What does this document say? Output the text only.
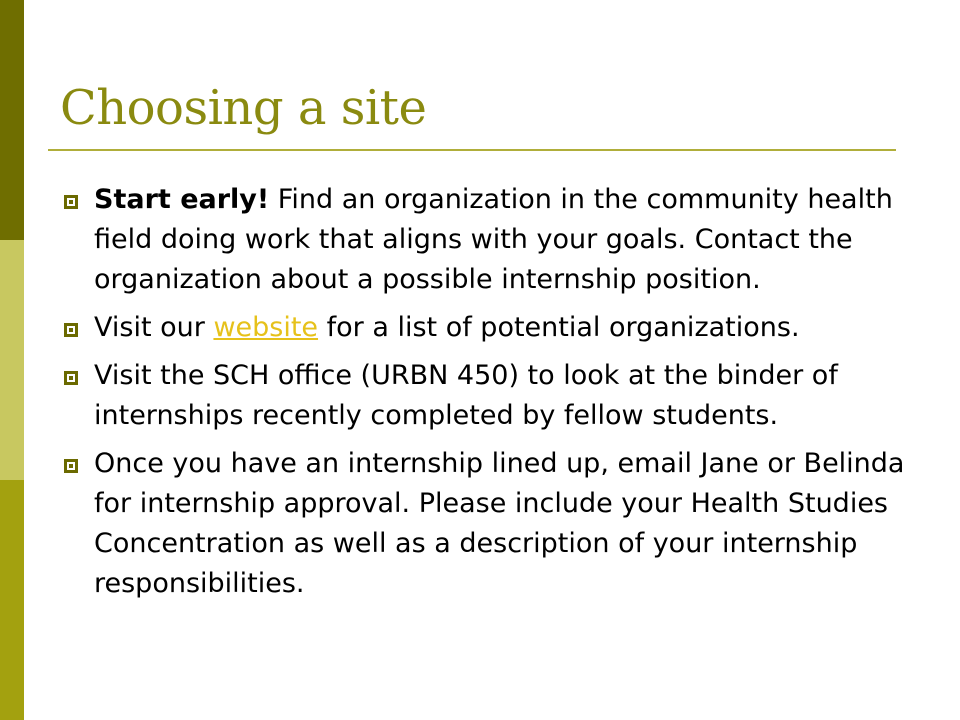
Choosing a site
Start early! Find an organization in the community health field doing work that aligns with your goals. Contact the organization about a possible internship position.
Visit our website for a list of potential organizations.
Visit the SCH office (URBN 450) to look at the binder of internships recently completed by fellow students.
Once you have an internship lined up, email Jane or Belinda for internship approval. Please include your Health Studies Concentration as well as a description of your internship responsibilities.
